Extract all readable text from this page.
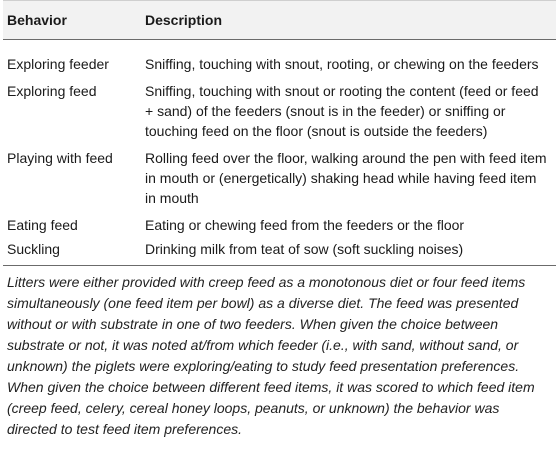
Behavior	Description
Exploring feeder	Sniffing, touching with snout, rooting, or chewing on the feeders
Exploring feed	Sniffing, touching with snout or rooting the content (feed or feed + sand) of the feeders (snout is in the feeder) or sniffing or touching feed on the floor (snout is outside the feeders)
Playing with feed	Rolling feed over the floor, walking around the pen with feed item in mouth or (energetically) shaking head while having feed item in mouth
Eating feed	Eating or chewing feed from the feeders or the floor
Suckling	Drinking milk from teat of sow (soft suckling noises)

Litters were either provided with creep feed as a monotonous diet or four feed items simultaneously (one feed item per bowl) as a diverse diet. The feed was presented without or with substrate in one of two feeders. When given the choice between substrate or not, it was noted at/from which feeder (i.e., with sand, without sand, or unknown) the piglets were exploring/eating to study feed presentation preferences. When given the choice between different feed items, it was scored to which feed item (creep feed, celery, cereal honey loops, peanuts, or unknown) the behavior was directed to test feed item preferences.
